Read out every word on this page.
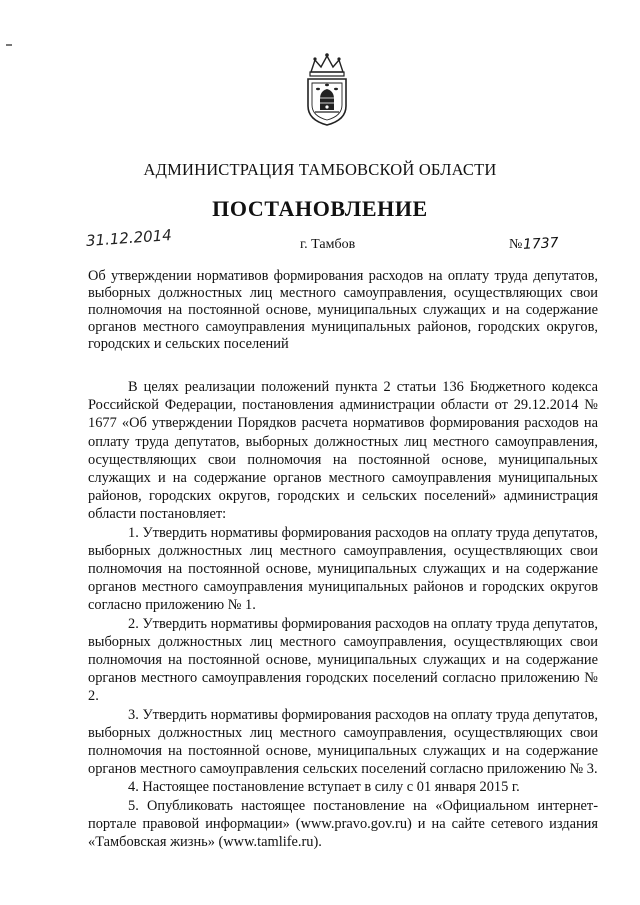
АДМИНИСТРАЦИЯ ТАМБОВСКОЙ ОБЛАСТИ
ПОСТАНОВЛЕНИЕ
31.12.2014	г. Тамбов	№1737
Об утверждении нормативов формирования расходов на оплату труда депутатов, выборных должностных лиц местного самоуправления, осуществляющих свои полномочия на постоянной основе, муниципальных служащих и на содержание органов местного самоуправления муниципальных районов, городских округов, городских и сельских поселений

В целях реализации положений пункта 2 статьи 136 Бюджетного кодекса Российской Федерации, постановления администрации области от 29.12.2014 № 1677 «Об утверждении Порядков расчета нормативов формирования расходов на оплату труда депутатов, выборных должностных лиц местного самоуправления, осуществляющих свои полномочия на постоянной основе, муниципальных служащих и на содержание органов местного самоуправления муниципальных районов, городских округов, городских и сельских поселений» администрация области постановляет:

1. Утвердить нормативы формирования расходов на оплату труда депутатов, выборных должностных лиц местного самоуправления, осуществляющих свои полномочия на постоянной основе, муниципальных служащих и на содержание органов местного самоуправления муниципальных районов и городских округов согласно приложению № 1.

2. Утвердить нормативы формирования расходов на оплату труда депутатов, выборных должностных лиц местного самоуправления, осуществляющих свои полномочия на постоянной основе, муниципальных служащих и на содержание органов местного самоуправления городских поселений согласно приложению № 2.

3. Утвердить нормативы формирования расходов на оплату труда депутатов, выборных должностных лиц местного самоуправления, осуществляющих свои полномочия на постоянной основе, муниципальных служащих и на содержание органов местного самоуправления сельских поселений согласно приложению № 3.

4. Настоящее постановление вступает в силу с 01 января 2015 г.

5. Опубликовать настоящее постановление на «Официальном интернет-портале правовой информации» (www.pravo.gov.ru) и на сайте сетевого издания «Тамбовская жизнь» (www.tamlife.ru).
